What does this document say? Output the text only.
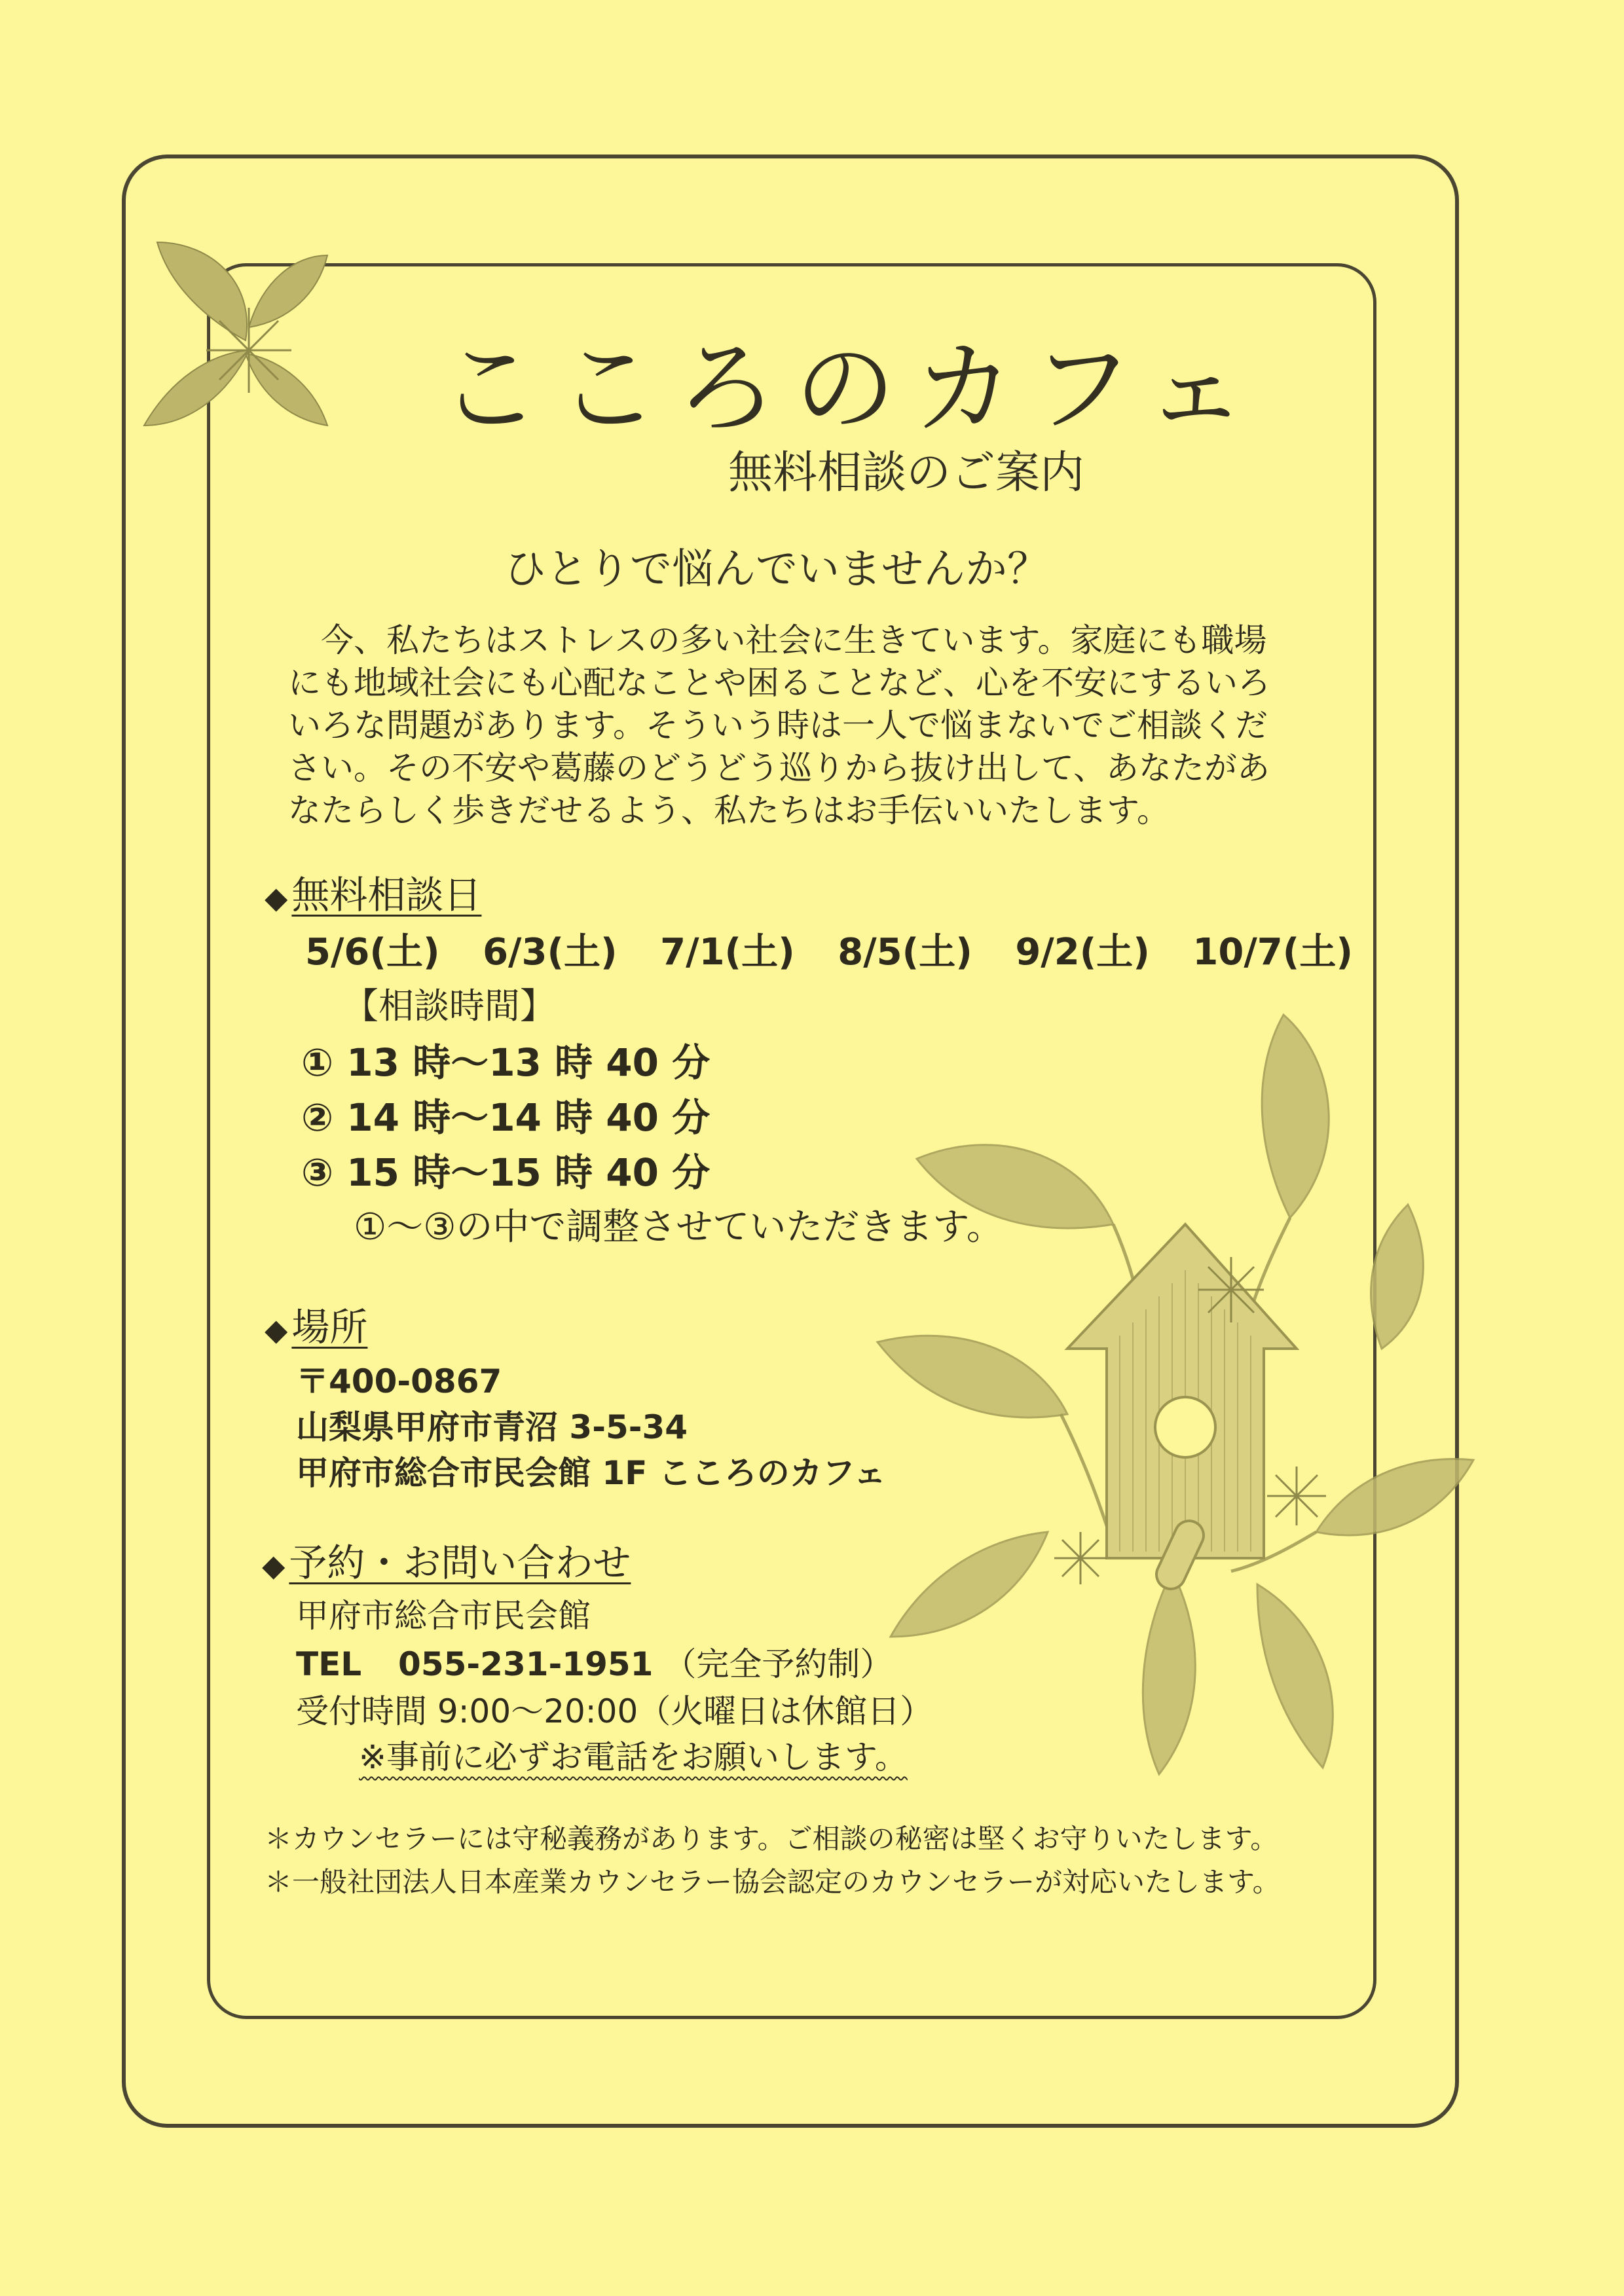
こころのカフェ
無料相談のご案内
ひとりで悩んでいませんか？

　今、私たちはストレスの多い社会に生きています。家庭にも職場

にも地域社会にも心配なことや困ることなど、心を不安にするいろ

いろな問題があります。そういう時は一人で悩まないでご相談くだ

さい。その不安や葛藤のどうどう巡りから抜け出して、あなたがあ

なたらしく歩きだせるよう、私たちはお手伝いいたします。

◆ 無料相談日
5/6(土) 6/3(土) 7/1(土) 8/5(土) 9/2(土) 10/7(土)
【相談時間】
① 13 時～13 時 40 分
② 14 時～14 時 40 分
③ 15 時～15 時 40 分
①～③の中で調整させていただきます。
◆ 場所
〒400-0867
山梨県甲府市青沼 3-5-34
甲府市総合市民会館 1F こころのカフェ
◆ 予約・お問い合わせ
甲府市総合市民会館
TEL 055-231-1951 （完全予約制）
受付時間 9:00～20:00（火曜日は休館日）
※事前に必ずお電話をお願いします。
＊カウンセラーには守秘義務があります。ご相談の秘密は堅くお守りいたします。
＊一般社団法人日本産業カウンセラー協会認定のカウンセラーが対応いたします。
